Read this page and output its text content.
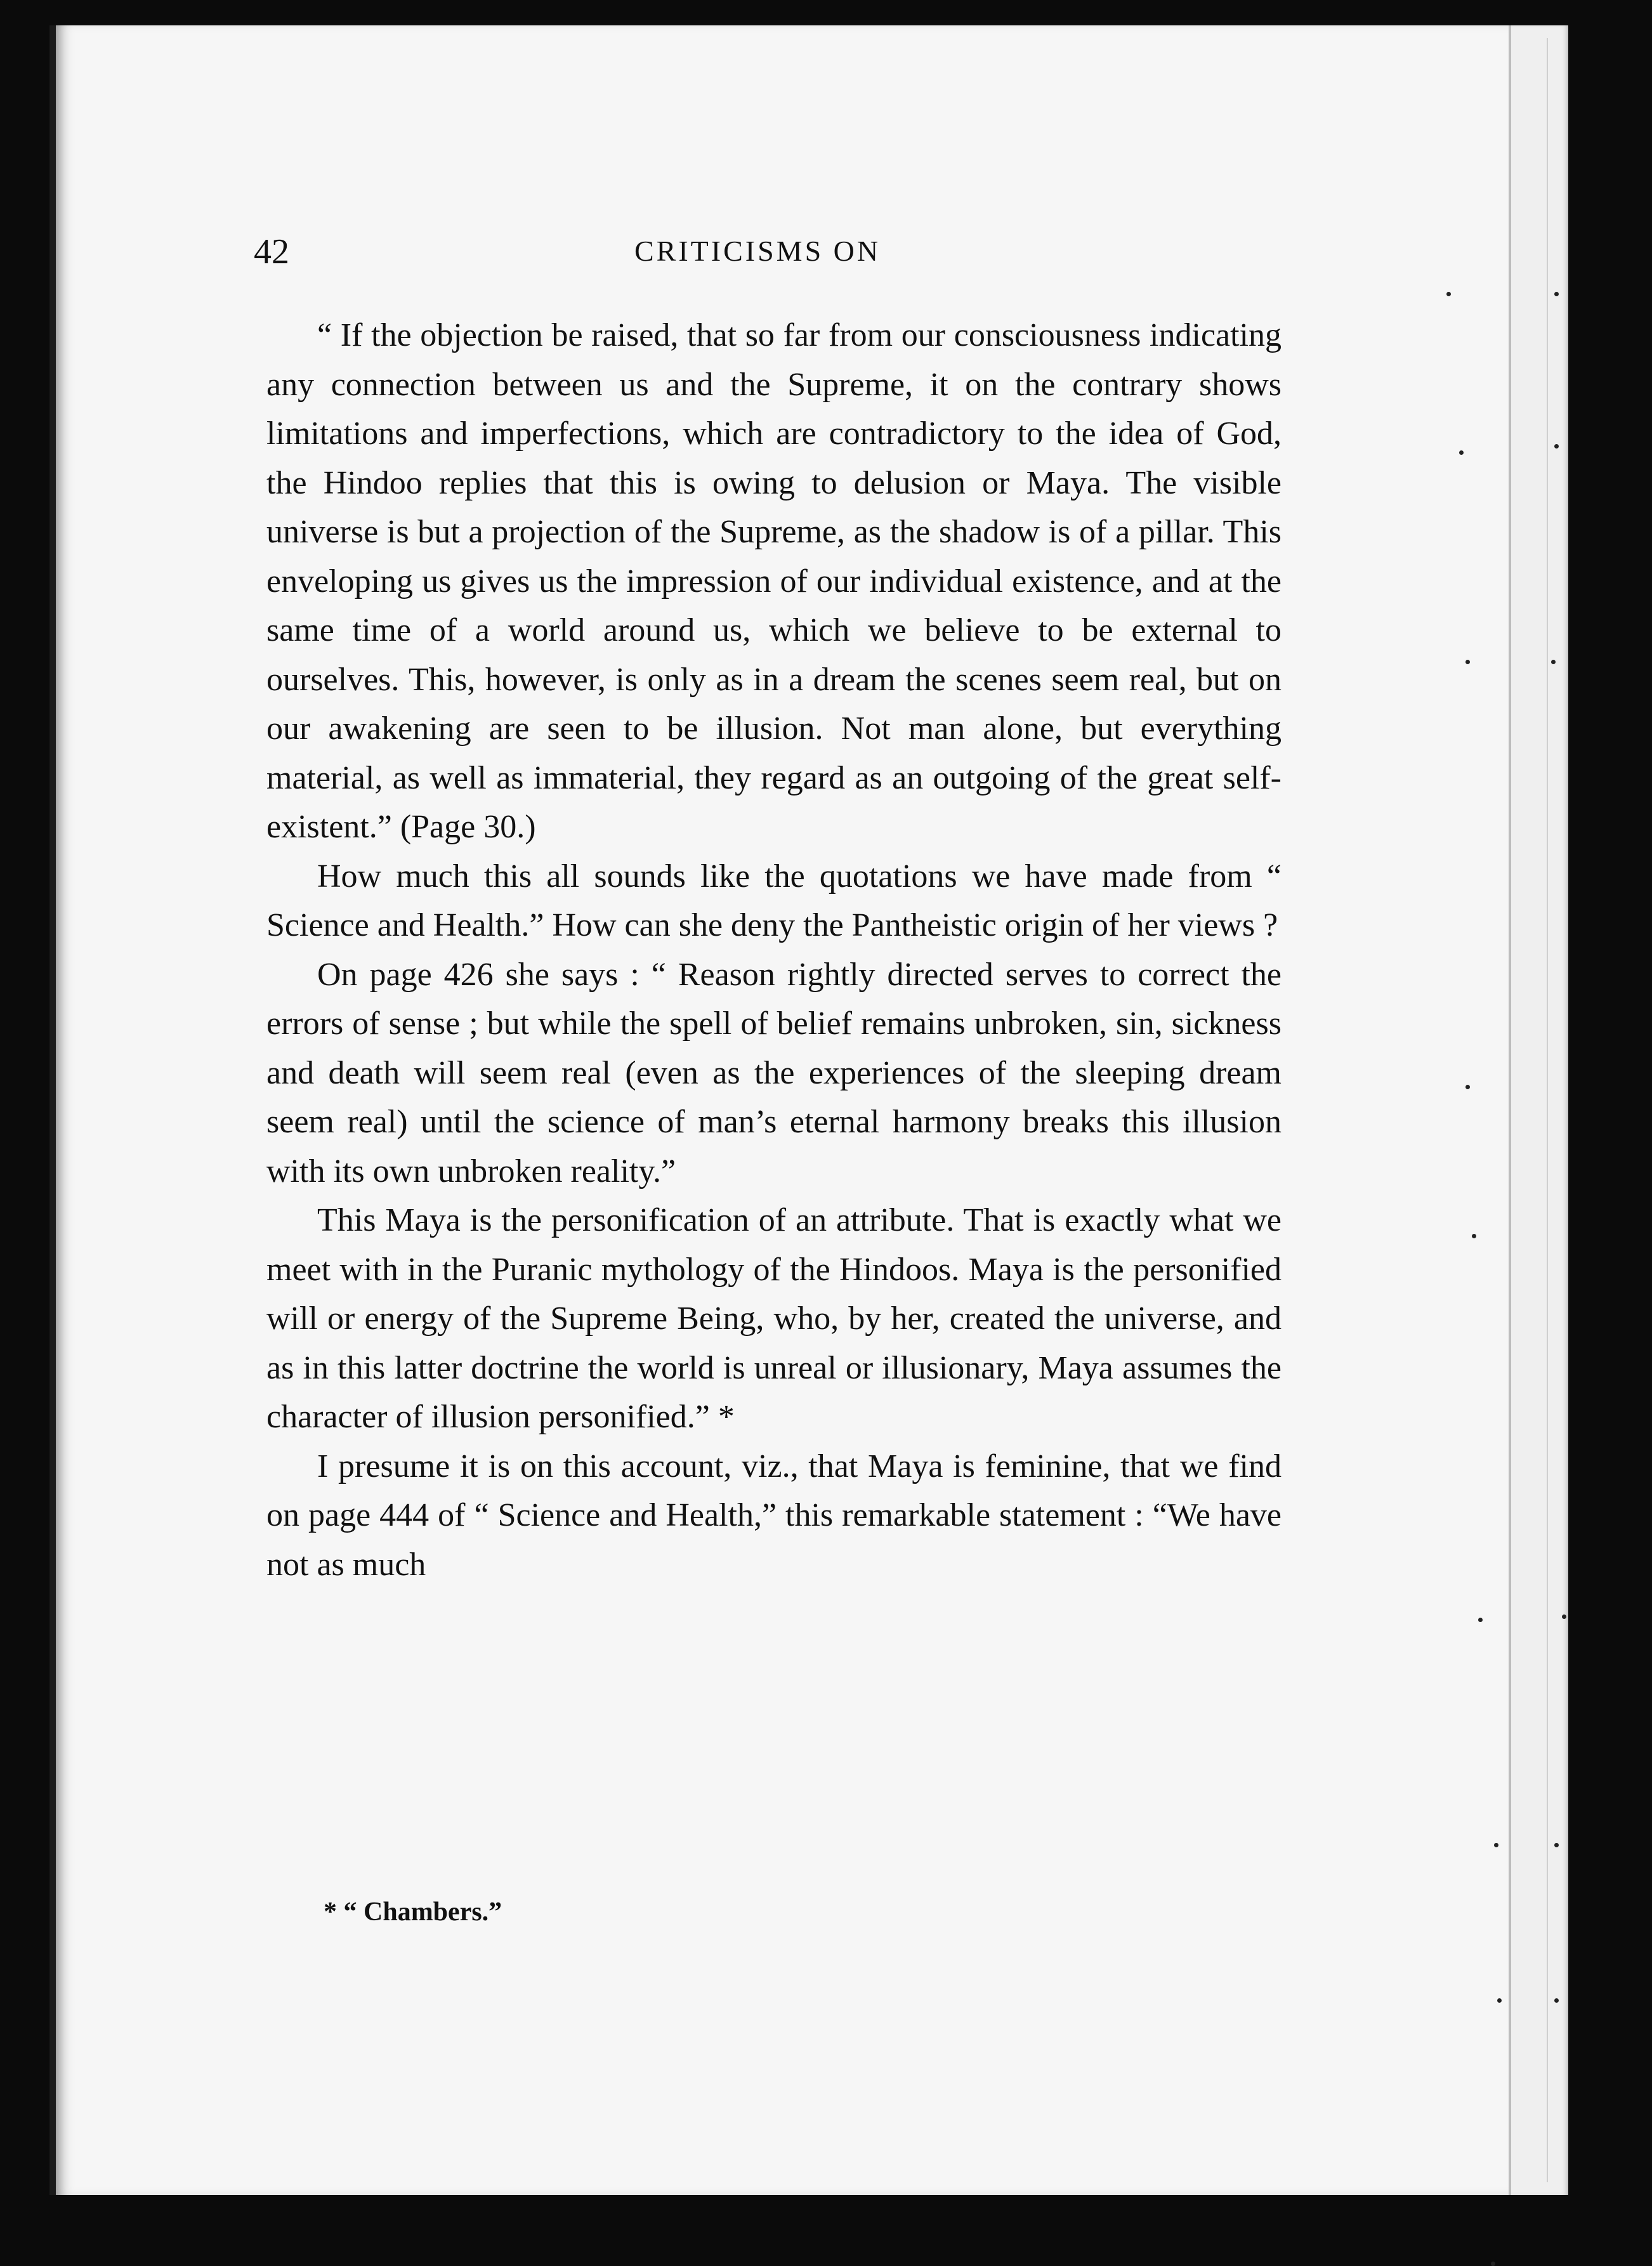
42	CRITICISMS ON

“ If the objection be raised, that so far from our consciousness indicating any connection between us and the Supreme, it on the contrary shows limitations and imperfections, which are contradictory to the idea of God, the Hindoo replies that this is owing to delusion or Maya. The visible universe is but a projection of the Supreme, as the shadow is of a pillar. This enveloping us gives us the impression of our individual existence, and at the same time of a world around us, which we believe to be external to ourselves. This, however, is only as in a dream the scenes seem real, but on our awakening are seen to be illusion. Not man alone, but everything material, as well as immaterial, they regard as an outgoing of the great self-existent.” (Page 30.)

How much this all sounds like the quotations we have made from “ Science and Health.” How can she deny the Pantheistic origin of her views ?

On page 426 she says : “ Reason rightly directed serves to correct the errors of sense ; but while the spell of belief remains unbroken, sin, sickness and death will seem real (even as the experiences of the sleeping dream seem real) until the science of man’s eternal harmony breaks this illusion with its own unbroken reality.”

This Maya is the personification of an attribute. That is exactly what we meet with in the Puranic mythology of the Hindoos. Maya is the personified will or energy of the Supreme Being, who, by her, created the universe, and as in this latter doctrine the world is unreal or illusionary, Maya assumes the character of illusion personified.” *

I presume it is on this account, viz., that Maya is feminine, that we find on page 444 of “ Science and Health,” this remarkable statement : “We have not as much

* “ Chambers.”
